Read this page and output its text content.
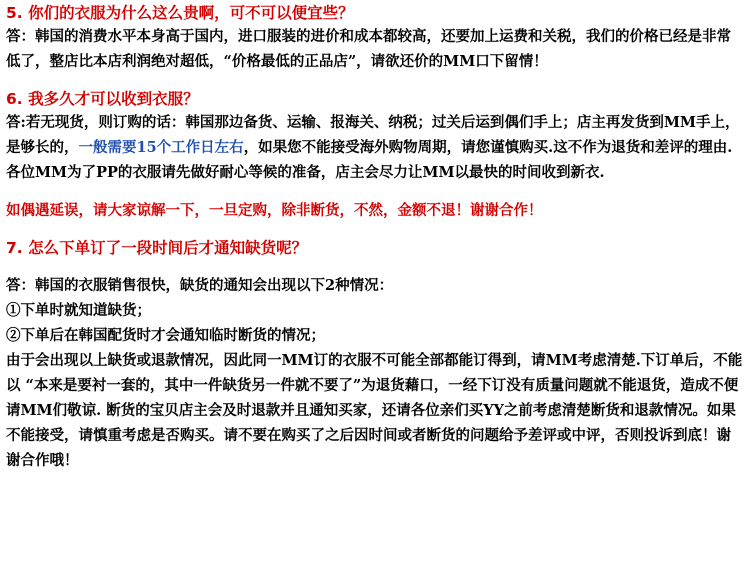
5. 你们的衣服为什么这么贵啊，可不可以便宜些？
答：韩国的消费水平本身高于国内，进口服装的进价和成本都较高，还要加上运费和关税，我们的价格已经是非常低了，整店比本店利润绝对超低，“价格最低的正品店”，请欲还价的MM口下留情！
6. 我多久才可以收到衣服？
答:若无现货，则订购的话：韩国那边备货、运输、报海关、纳税；过关后运到偶们手上；店主再发货到MM手上，是够长的，一般需要15个工作日左右，如果您不能接受海外购物周期，请您谨慎购买.这不作为退货和差评的理由.各位MM为了PP的衣服请先做好耐心等候的准备，店主会尽力让MM以最快的时间收到新衣.
如偶遇延误，请大家谅解一下，一旦定购，除非断货，不然，金额不退！谢谢合作！
7. 怎么下单订了一段时间后才通知缺货呢？
答：韩国的衣服销售很快，缺货的通知会出现以下2种情况：
①下单时就知道缺货；
②下单后在韩国配货时才会通知临时断货的情况；
由于会出现以上缺货或退款情况，因此同一MM订的衣服不可能全部都能订得到，请MM考虑清楚.下订单后，不能以 “本来是要衬一套的，其中一件缺货另一件就不要了”为退货藉口，一经下订没有质量问题就不能退货，造成不便请MM们敬谅. 断货的宝贝店主会及时退款并且通知买家，还请各位亲们买YY之前考虑清楚断货和退款情况。如果不能接受，请慎重考虑是否购买。请不要在购买了之后因时间或者断货的问题给予差评或中评，否则投诉到底！谢谢合作哦！
